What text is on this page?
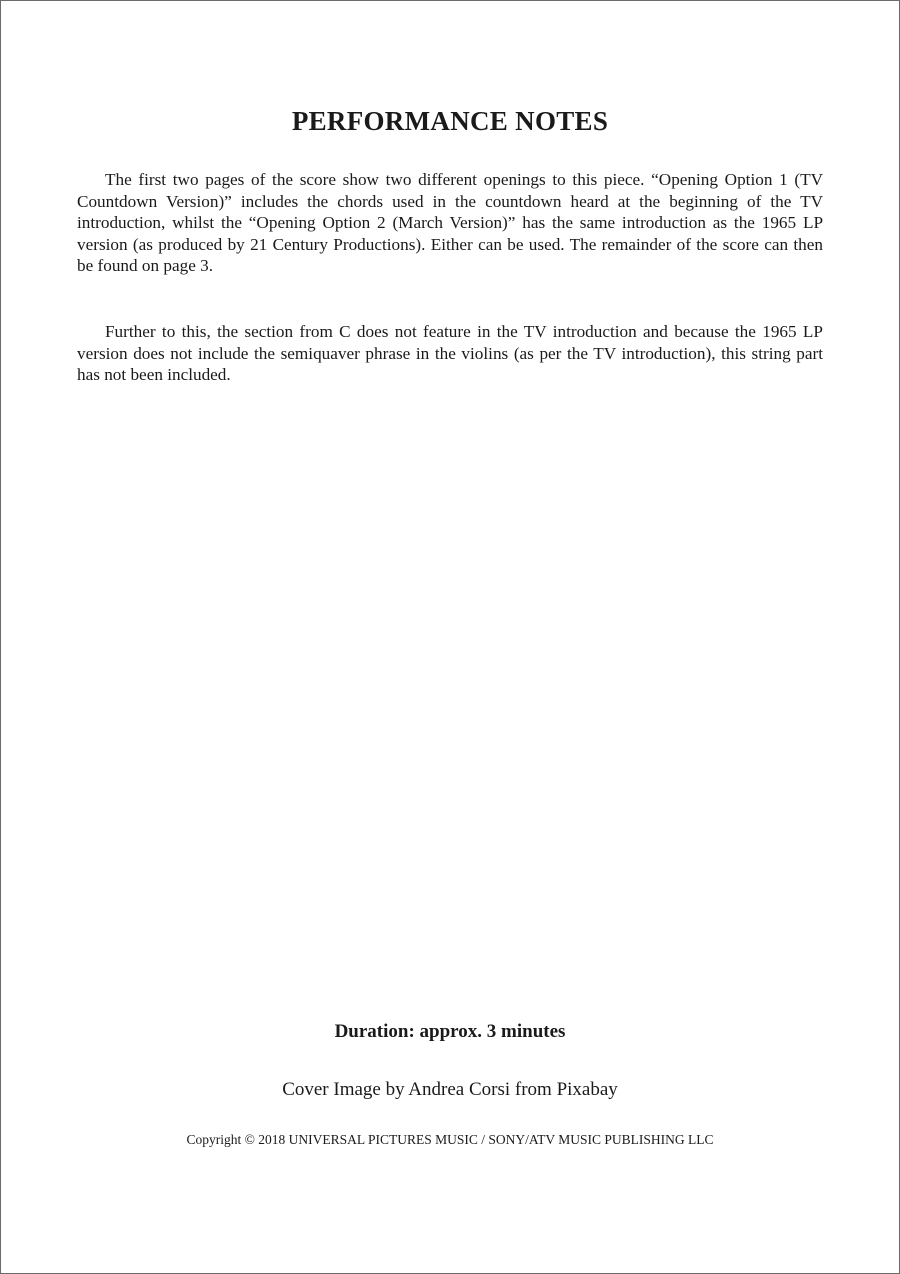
PERFORMANCE NOTES

The first two pages of the score show two different openings to this piece. “Opening Option 1 (TV Countdown Version)” includes the chords used in the countdown heard at the beginning of the TV introduction, whilst the “Opening Option 2 (March Version)” has the same introduction as the 1965 LP version (as produced by 21 Century Productions). Either can be used. The remainder of the score can then be found on page 3.

Further to this, the section from C does not feature in the TV introduction and because the 1965 LP version does not include the semiquaver phrase in the violins (as per the TV introduction), this string part has not been included.

Duration: approx. 3 minutes

Cover Image by Andrea Corsi from Pixabay

Copyright © 2018 UNIVERSAL PICTURES MUSIC / SONY/ATV MUSIC PUBLISHING LLC
